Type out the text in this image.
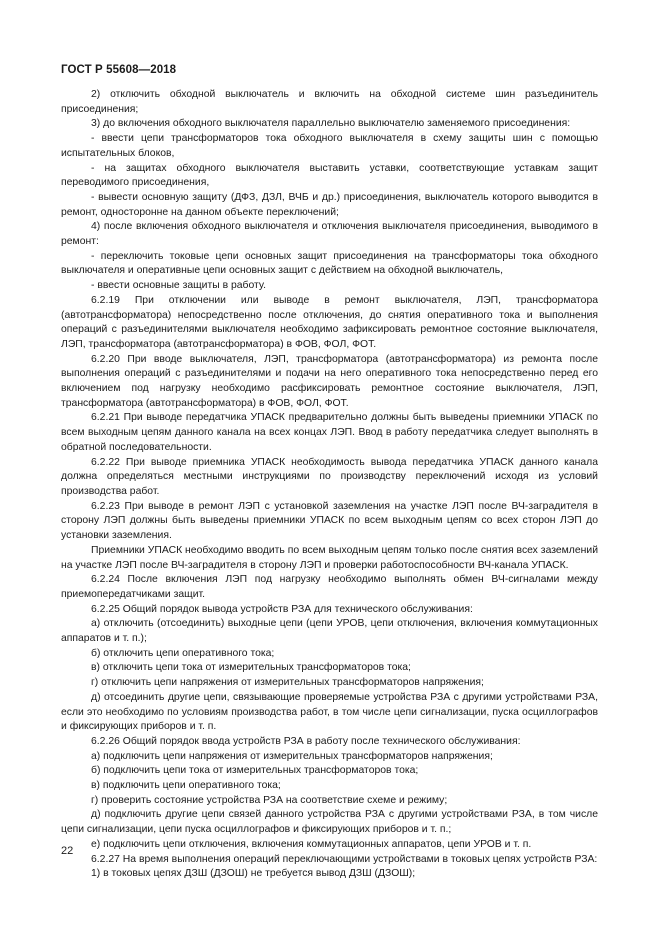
ГОСТ Р 55608—2018

2) отключить обходной выключатель и включить на обходной системе шин разъединитель присоединения;

3) до включения обходного выключателя параллельно выключателю заменяемого присоединения:

- ввести цепи трансформаторов тока обходного выключателя в схему защиты шин с помощью испытательных блоков,

- на защитах обходного выключателя выставить уставки, соответствующие уставкам защит переводимого присоединения,

- вывести основную защиту (ДФЗ, ДЗЛ, ВЧБ и др.) присоединения, выключатель которого выводится в ремонт, односторонне на данном объекте переключений;

4) после включения обходного выключателя и отключения выключателя присоединения, выводимого в ремонт:

- переключить токовые цепи основных защит присоединения на трансформаторы тока обходного выключателя и оперативные цепи основных защит с действием на обходной выключатель,

- ввести основные защиты в работу.

6.2.19 При отключении или выводе в ремонт выключателя, ЛЭП, трансформатора (автотрансформатора) непосредственно после отключения, до снятия оперативного тока и выполнения операций с разъединителями выключателя необходимо зафиксировать ремонтное состояние выключателя, ЛЭП, трансформатора (автотрансформатора) в ФОВ, ФОЛ, ФОТ.

6.2.20 При вводе выключателя, ЛЭП, трансформатора (автотрансформатора) из ремонта после выполнения операций с разъединителями и подачи на него оперативного тока непосредственно перед его включением под нагрузку необходимо расфиксировать ремонтное состояние выключателя, ЛЭП, трансформатора (автотрансформатора) в ФОВ, ФОЛ, ФОТ.

6.2.21 При выводе передатчика УПАСК предварительно должны быть выведены приемники УПАСК по всем выходным цепям данного канала на всех концах ЛЭП. Ввод в работу передатчика следует выполнять в обратной последовательности.

6.2.22 При выводе приемника УПАСК необходимость вывода передатчика УПАСК данного канала должна определяться местными инструкциями по производству переключений исходя из условий производства работ.

6.2.23 При выводе в ремонт ЛЭП с установкой заземления на участке ЛЭП после ВЧ-заградителя в сторону ЛЭП должны быть выведены приемники УПАСК по всем выходным цепям со всех сторон ЛЭП до установки заземления.

Приемники УПАСК необходимо вводить по всем выходным цепям только после снятия всех заземлений на участке ЛЭП после ВЧ-заградителя в сторону ЛЭП и проверки работоспособности ВЧ-канала УПАСК.

6.2.24 После включения ЛЭП под нагрузку необходимо выполнять обмен ВЧ-сигналами между приемопередатчиками защит.

6.2.25 Общий порядок вывода устройств РЗА для технического обслуживания:

а) отключить (отсоединить) выходные цепи (цепи УРОВ, цепи отключения, включения коммутационных аппаратов и т. п.);

б) отключить цепи оперативного тока;

в) отключить цепи тока от измерительных трансформаторов тока;

г) отключить цепи напряжения от измерительных трансформаторов напряжения;

д) отсоединить другие цепи, связывающие проверяемые устройства РЗА с другими устройствами РЗА, если это необходимо по условиям производства работ, в том числе цепи сигнализации, пуска осциллографов и фиксирующих приборов и т. п.

6.2.26 Общий порядок ввода устройств РЗА в работу после технического обслуживания:

а) подключить цепи напряжения от измерительных трансформаторов напряжения;

б) подключить цепи тока от измерительных трансформаторов тока;

в) подключить цепи оперативного тока;

г) проверить состояние устройства РЗА на соответствие схеме и режиму;

д) подключить другие цепи связей данного устройства РЗА с другими устройствами РЗА, в том числе цепи сигнализации, цепи пуска осциллографов и фиксирующих приборов и т. п.;

е) подключить цепи отключения, включения коммутационных аппаратов, цепи УРОВ и т. п.

6.2.27 На время выполнения операций переключающими устройствами в токовых цепях устройств РЗА:

1) в токовых цепях ДЗШ (ДЗОШ) не требуется вывод ДЗШ (ДЗОШ);

22
